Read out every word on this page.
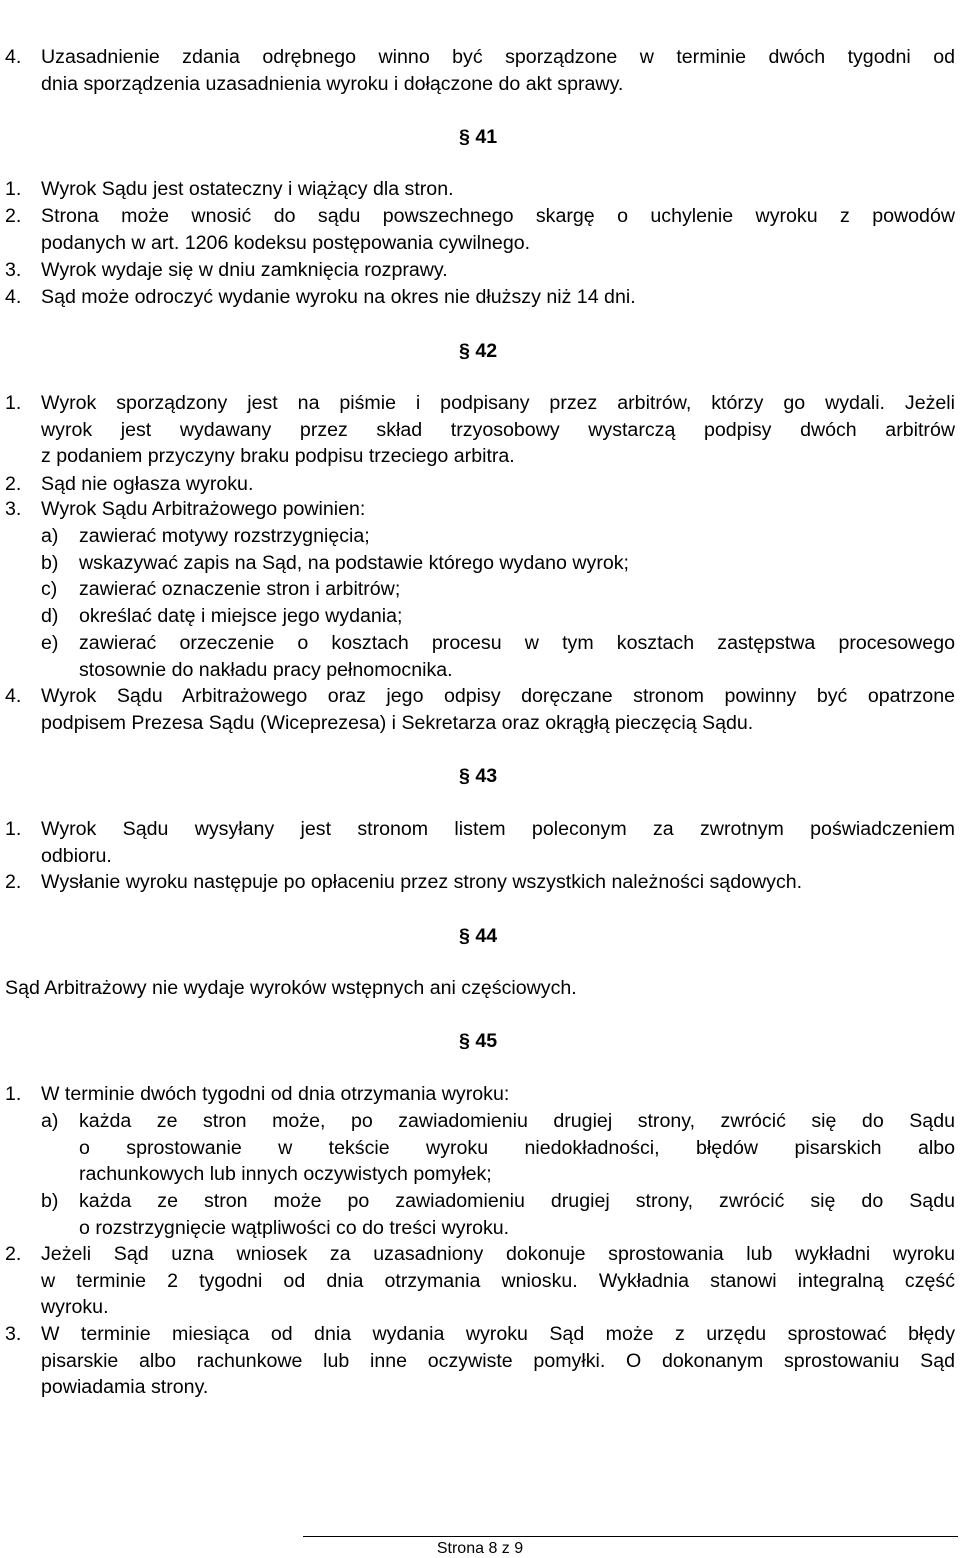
4. Uzasadnienie zdania odrębnego winno być sporządzone w terminie dwóch tygodni od
dnia sporządzenia uzasadnienia wyroku i dołączone do akt sprawy.
§ 41
1. Wyrok Sądu jest ostateczny i wiążący dla stron.
2. Strona może wnosić do sądu powszechnego skargę o uchylenie wyroku z powodów
podanych w art. 1206 kodeksu postępowania cywilnego.
3. Wyrok wydaje się w dniu zamknięcia rozprawy.
4. Sąd może odroczyć wydanie wyroku na okres nie dłuższy niż 14 dni.
§ 42
1. Wyrok sporządzony jest na piśmie i podpisany przez arbitrów, którzy go wydali. Jeżeli
wyrok jest wydawany przez skład trzyosobowy wystarczą podpisy dwóch arbitrów
z podaniem przyczyny braku podpisu trzeciego arbitra.
2. Sąd nie ogłasza wyroku.
3. Wyrok Sądu Arbitrażowego powinien:
a) zawierać motywy rozstrzygnięcia;
b) wskazywać zapis na Sąd, na podstawie którego wydano wyrok;
c) zawierać oznaczenie stron i arbitrów;
d) określać datę i miejsce jego wydania;
e) zawierać orzeczenie o kosztach procesu w tym kosztach zastępstwa procesowego
stosownie do nakładu pracy pełnomocnika.
4. Wyrok Sądu Arbitrażowego oraz jego odpisy doręczane stronom powinny być opatrzone
podpisem Prezesa Sądu (Wiceprezesa) i Sekretarza oraz okrągłą pieczęcią Sądu.
§ 43
1. Wyrok Sądu wysyłany jest stronom listem poleconym za zwrotnym poświadczeniem
odbioru.
2. Wysłanie wyroku następuje po opłaceniu przez strony wszystkich należności sądowych.
§ 44
Sąd Arbitrażowy nie wydaje wyroków wstępnych ani częściowych.
§ 45
1. W terminie dwóch tygodni od dnia otrzymania wyroku:
a) każda ze stron może, po zawiadomieniu drugiej strony, zwrócić się do Sądu
o sprostowanie w tekście wyroku niedokładności, błędów pisarskich albo
rachunkowych lub innych oczywistych pomyłek;
b) każda ze stron może po zawiadomieniu drugiej strony, zwrócić się do Sądu
o rozstrzygnięcie wątpliwości co do treści wyroku.
2. Jeżeli Sąd uzna wniosek za uzasadniony dokonuje sprostowania lub wykładni wyroku
w terminie 2 tygodni od dnia otrzymania wniosku. Wykładnia stanowi integralną część
wyroku.
3. W terminie miesiąca od dnia wydania wyroku Sąd może z urzędu sprostować błędy
pisarskie albo rachunkowe lub inne oczywiste pomyłki. O dokonanym sprostowaniu Sąd
powiadamia strony.
Strona 8 z 9
